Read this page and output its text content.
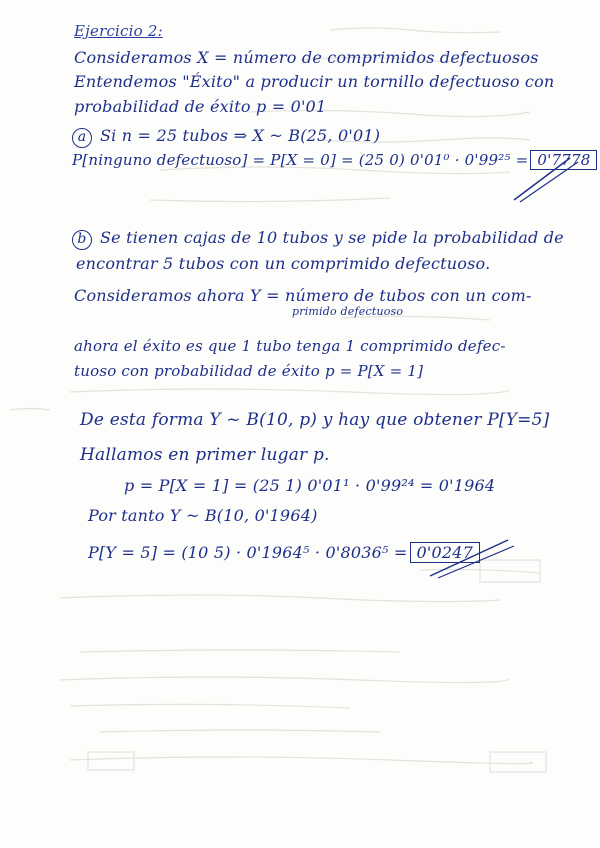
Ejercicio 2:
Consideramos X = número de comprimidos defectuosos
Entendemos "Éxito" a producir un tornillo defectuoso con
probabilidad de éxito p = 0'01
a Si n = 25 tubos ⇒ X ~ B(25, 0'01)
P[ninguno defectuoso] = P[X = 0] = (25 0) 0'01⁰ · 0'99²⁵ = 0'7778
b Se tienen cajas de 10 tubos y se pide la probabilidad de
encontrar 5 tubos con un comprimido defectuoso.
Consideramos ahora Y = número de tubos con un com-
primido defectuoso
ahora el éxito es que 1 tubo tenga 1 comprimido defec-
tuoso con probabilidad de éxito p = P[X = 1]
De esta forma Y ~ B(10, p) y hay que obtener P[Y=5]
Hallamos en primer lugar p.
p = P[X = 1] = (25 1) 0'01¹ · 0'99²⁴ = 0'1964
Por tanto Y ~ B(10, 0'1964)
P[Y = 5] = (10 5) · 0'1964⁵ · 0'8036⁵ = 0'0247
